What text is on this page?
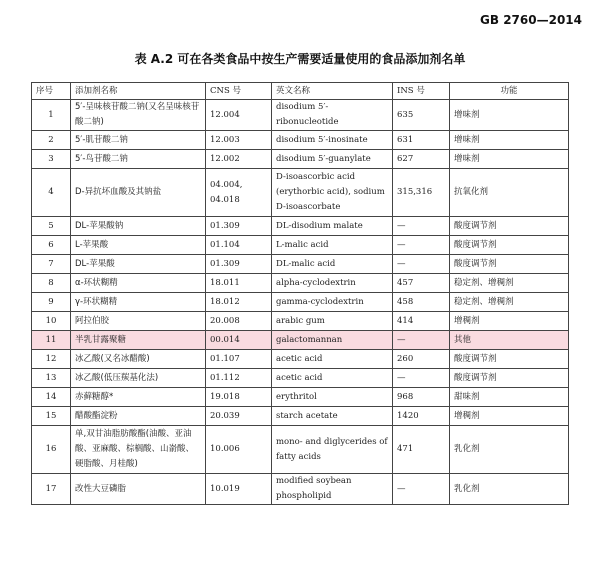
GB 2760—2014
表 A.2 可在各类食品中按生产需要适量使用的食品添加剂名单
序号	添加剂名称	CNS 号	英文名称	INS 号	功能
1	5′-呈味核苷酸二钠(又名呈味核苷酸二钠)	12.004	disodium 5′-ribonucleotide	635	增味剂
2	5′-肌苷酸二钠	12.003	disodium 5′-inosinate	631	增味剂
3	5′-鸟苷酸二钠	12.002	disodium 5′-guanylate	627	增味剂
4	D-异抗坏血酸及其钠盐	04.004, 04.018	D-isoascorbic acid (erythorbic acid), sodium D-isoascorbate	315,316	抗氧化剂
5	DL-苹果酸钠	01.309	DL-disodium malate	—	酸度调节剂
6	L-苹果酸	01.104	L-malic acid	—	酸度调节剂
7	DL-苹果酸	01.309	DL-malic acid	—	酸度调节剂
8	α-环状糊精	18.011	alpha-cyclodextrin	457	稳定剂、增稠剂
9	γ-环状糊精	18.012	gamma-cyclodextrin	458	稳定剂、增稠剂
10	阿拉伯胶	20.008	arabic gum	414	增稠剂
11	半乳甘露聚糖	00.014	galactomannan	—	其他
12	冰乙酸(又名冰醋酸)	01.107	acetic acid	260	酸度调节剂
13	冰乙酸(低压羰基化法)	01.112	acetic acid	—	酸度调节剂
14	赤藓糖醇*	19.018	erythritol	968	甜味剂
15	醋酸酯淀粉	20.039	starch acetate	1420	增稠剂
16	单,双甘油脂肪酸酯(油酸、亚油酸、亚麻酸、棕榈酸、山嵛酸、硬脂酸、月桂酸)	10.006	mono- and diglycerides of fatty acids	471	乳化剂
17	改性大豆磷脂	10.019	modified soybean phospholipid	—	乳化剂
